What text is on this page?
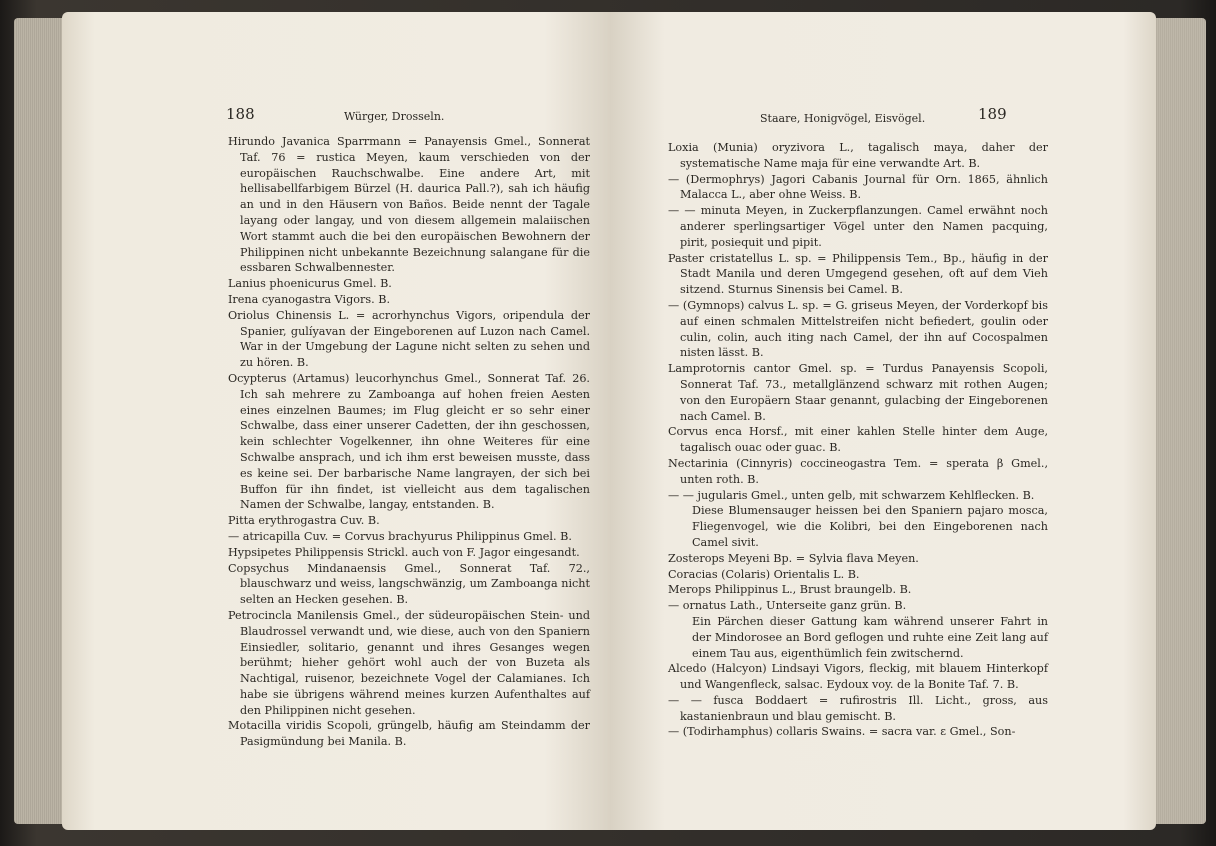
188	Würger, Drosseln.

Hirundo Javanica Sparrmann = Panayensis Gmel., Sonnerat Taf. 76 = rustica Meyen, kaum verschieden von der europäischen Rauchschwalbe. Eine andere Art, mit hellisabellfarbigem Bürzel (H. daurica Pall.?), sah ich häufig an und in den Häusern von Baños. Beide nennt der Tagale layang oder langay, und von diesem allgemein malaiischen Wort stammt auch die bei den europäischen Bewohnern der Philippinen nicht unbekannte Bezeichnung salangane für die essbaren Schwalbennester.

Lanius phoenicurus Gmel. B.

Irena cyanogastra Vigors. B.

Oriolus Chinensis L. = acrorhynchus Vigors, oripendula der Spanier, gulíyavan der Eingeborenen auf Luzon nach Camel. War in der Umgebung der Lagune nicht selten zu sehen und zu hören. B.

Ocypterus (Artamus) leucorhynchus Gmel., Sonnerat Taf. 26. Ich sah mehrere zu Zamboanga auf hohen freien Aesten eines einzelnen Baumes; im Flug gleicht er so sehr einer Schwalbe, dass einer unserer Cadetten, der ihn geschossen, kein schlechter Vogelkenner, ihn ohne Weiteres für eine Schwalbe ansprach, und ich ihm erst beweisen musste, dass es keine sei. Der barbarische Name langrayen, der sich bei Buffon für ihn findet, ist vielleicht aus dem tagalischen Namen der Schwalbe, langay, entstanden. B.

Pitta erythrogastra Cuv. B.

— atricapilla Cuv. = Corvus brachyurus Philippinus Gmel. B.

Hypsipetes Philippensis Strickl. auch von F. Jagor eingesandt.

Copsychus Mindanaensis Gmel., Sonnerat Taf. 72., blauschwarz und weiss, langschwänzig, um Zamboanga nicht selten an Hecken gesehen. B.

Petrocincla Manilensis Gmel., der südeuropäischen Stein- und Blaudrossel verwandt und, wie diese, auch von den Spaniern Einsiedler, solitario, genannt und ihres Gesanges wegen berühmt; hieher gehört wohl auch der von Buzeta als Nachtigal, ruisenor, bezeichnete Vogel der Calamianes. Ich habe sie übrigens während meines kurzen Aufenthaltes auf den Philippinen nicht gesehen.

Motacilla viridis Scopoli, grüngelb, häufig am Steindamm der Pasigmündung bei Manila. B.

Staare, Honigvögel, Eisvögel.	189

Loxia (Munia) oryzivora L., tagalisch maya, daher der systematische Name maja für eine verwandte Art. B.

— (Dermophrys) Jagori Cabanis Journal für Orn. 1865, ähnlich Malacca L., aber ohne Weiss. B.

— — minuta Meyen, in Zuckerpflanzungen. Camel erwähnt noch anderer sperlingsartiger Vögel unter den Namen pacquing, pirit, posiequit und pipit.

Paster cristatellus L. sp. = Philippensis Tem., Bp., häufig in der Stadt Manila und deren Umgegend gesehen, oft auf dem Vieh sitzend. Sturnus Sinensis bei Camel. B.

— (Gymnops) calvus L. sp. = G. griseus Meyen, der Vorderkopf bis auf einen schmalen Mittelstreifen nicht befiedert, goulin oder culin, colin, auch iting nach Camel, der ihn auf Cocospalmen nisten lässt. B.

Lamprotornis cantor Gmel. sp. = Turdus Panayensis Scopoli, Sonnerat Taf. 73., metallglänzend schwarz mit rothen Augen; von den Europäern Staar genannt, gulacbing der Eingeborenen nach Camel. B.

Corvus enca Horsf., mit einer kahlen Stelle hinter dem Auge, tagalisch ouac oder guac. B.

Nectarinia (Cinnyris) coccineogastra Tem. = sperata β Gmel., unten roth. B.

— — jugularis Gmel., unten gelb, mit schwarzem Kehlflecken. B.

Diese Blumensauger heissen bei den Spaniern pajaro mosca, Fliegenvogel, wie die Kolibri, bei den Eingeborenen nach Camel sivit.

Zosterops Meyeni Bp. = Sylvia flava Meyen.

Coracias (Colaris) Orientalis L. B.

Merops Philippinus L., Brust braungelb. B.

— ornatus Lath., Unterseite ganz grün. B.

Ein Pärchen dieser Gattung kam während unserer Fahrt in der Mindorosee an Bord geflogen und ruhte eine Zeit lang auf einem Tau aus, eigenthümlich fein zwitschernd.

Alcedo (Halcyon) Lindsayi Vigors, fleckig, mit blauem Hinterkopf und Wangenfleck, salsac. Eydoux voy. de la Bonite Taf. 7. B.

— — fusca Boddaert = rufirostris Ill. Licht., gross, aus kastanienbraun und blau gemischt. B.

— (Todirhamphus) collaris Swains. = sacra var. ε Gmel., Son-
